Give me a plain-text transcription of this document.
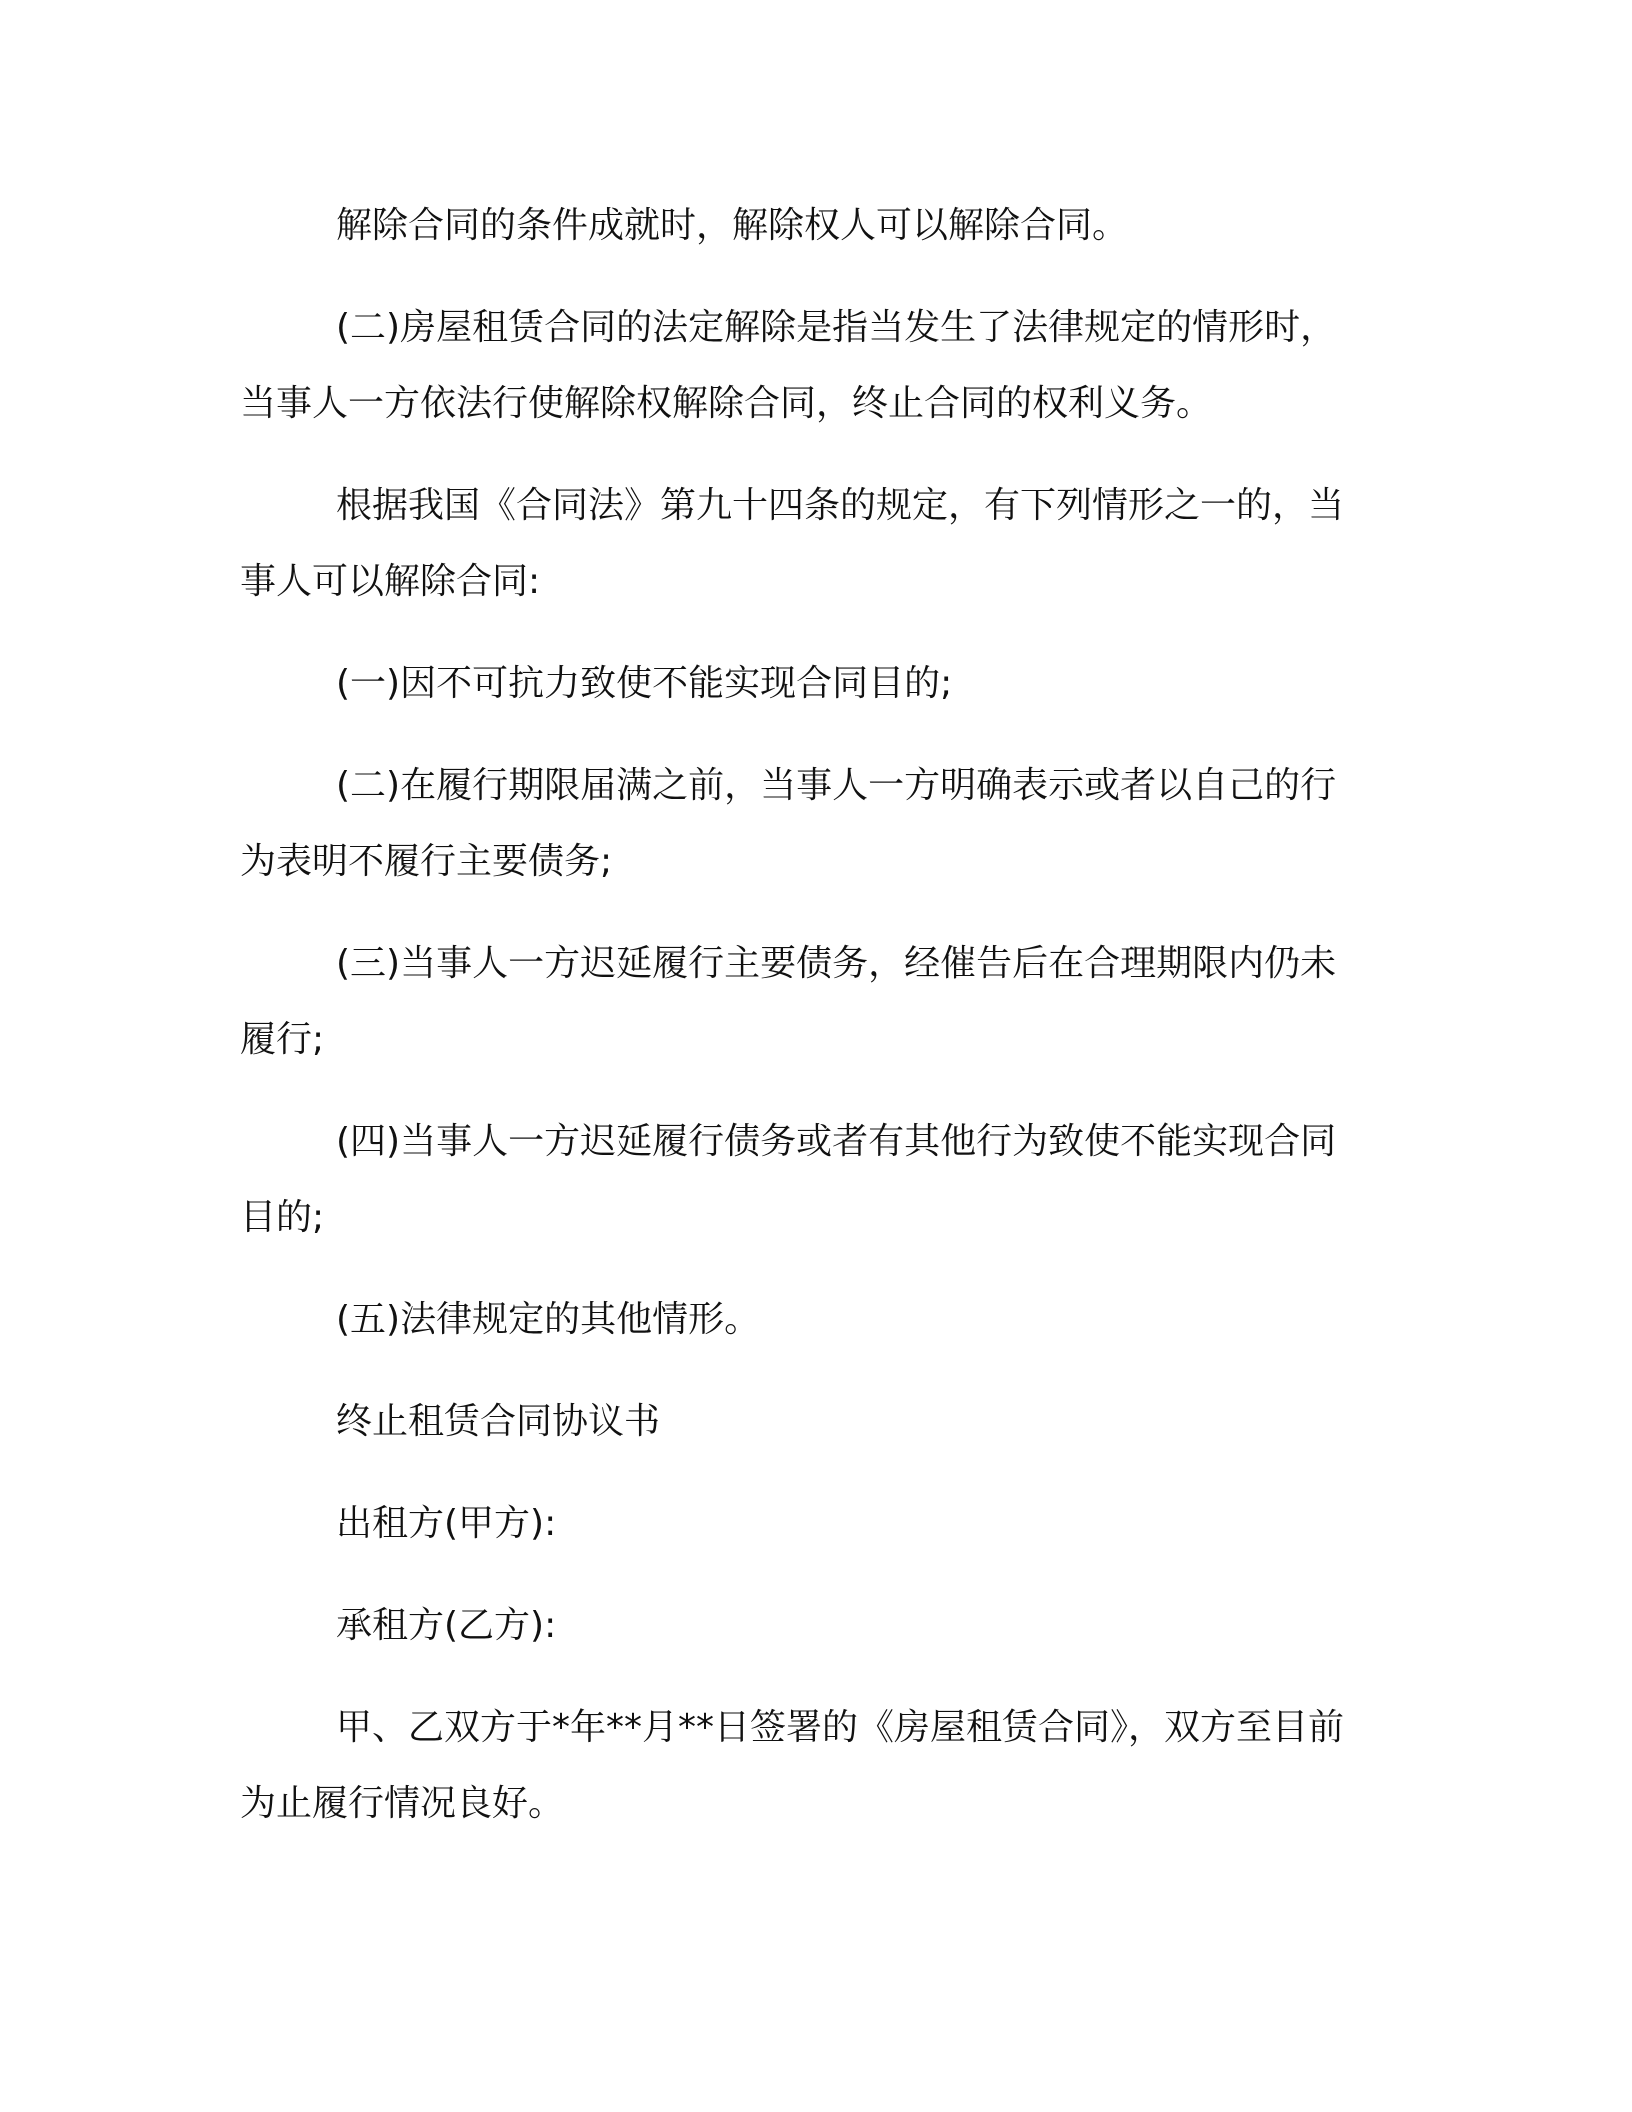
解除合同的条件成就时，解除权人可以解除合同。

(二)房屋租赁合同的法定解除是指当发生了法律规定的情形时，当事人一方依法行使解除权解除合同，终止合同的权利义务。

根据我国《合同法》第九十四条的规定，有下列情形之一的，当事人可以解除合同:

(一)因不可抗力致使不能实现合同目的;

(二)在履行期限届满之前，当事人一方明确表示或者以自己的行为表明不履行主要债务;

(三)当事人一方迟延履行主要债务，经催告后在合理期限内仍未履行;

(四)当事人一方迟延履行债务或者有其他行为致使不能实现合同目的;

(五)法律规定的其他情形。

终止租赁合同协议书

出租方(甲方):

承租方(乙方):

甲、乙双方于*年**月**日签署的《房屋租赁合同》，双方至目前为止履行情况良好。
